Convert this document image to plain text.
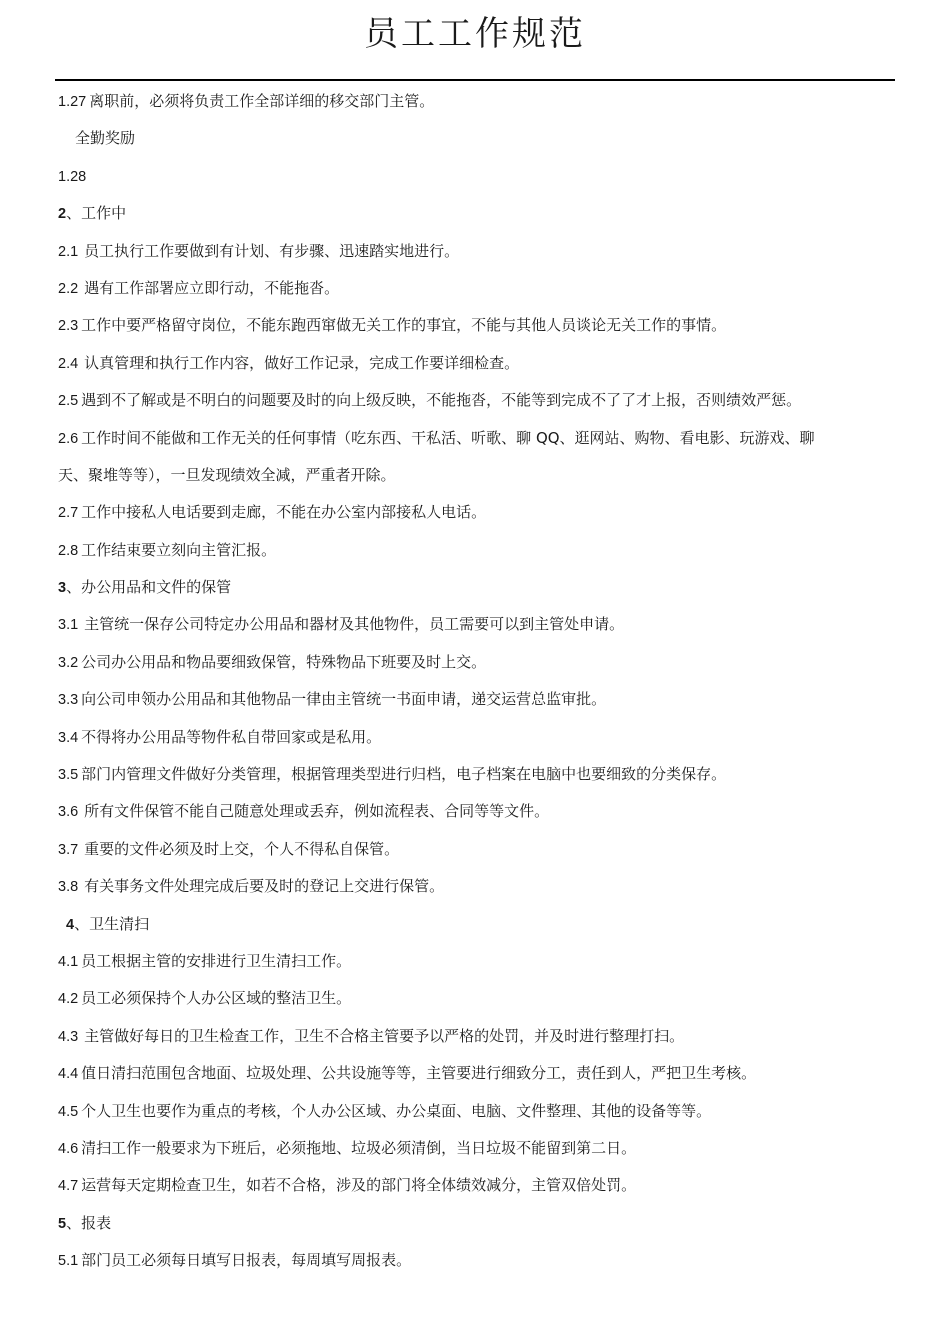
员工工作规范
1.27 离职前，必须将负责工作全部详细的移交部门主管。
全勤奖励
1.28
2、工作中
2.1 员工执行工作要做到有计划、有步骤、迅速踏实地进行。
2.2 遇有工作部署应立即行动，不能拖沓。
2.3 工作中要严格留守岗位，不能东跑西窜做无关工作的事宜，不能与其他人员谈论无关工作的事情。
2.4 认真管理和执行工作内容，做好工作记录，完成工作要详细检查。
2.5 遇到不了解或是不明白的问题要及时的向上级反映，不能拖沓，不能等到完成不了了才上报，否则绩效严惩。
2.6 工作时间不能做和工作无关的任何事情（吃东西、干私活、听歌、聊 QQ、逛网站、购物、看电影、玩游戏、聊
天、聚堆等等），一旦发现绩效全减，严重者开除。
2.7 工作中接私人电话要到走廊，不能在办公室内部接私人电话。
2.8 工作结束要立刻向主管汇报。
3、办公用品和文件的保管
3.1 主管统一保存公司特定办公用品和器材及其他物件，员工需要可以到主管处申请。
3.2 公司办公用品和物品要细致保管，特殊物品下班要及时上交。
3.3 向公司申领办公用品和其他物品一律由主管统一书面申请，递交运营总监审批。
3.4 不得将办公用品等物件私自带回家或是私用。
3.5 部门内管理文件做好分类管理，根据管理类型进行归档，电子档案在电脑中也要细致的分类保存。
3.6 所有文件保管不能自己随意处理或丢弃，例如流程表、合同等等文件。
3.7 重要的文件必须及时上交，个人不得私自保管。
3.8 有关事务文件处理完成后要及时的登记上交进行保管。
4、卫生清扫
4.1 员工根据主管的安排进行卫生清扫工作。
4.2 员工必须保持个人办公区域的整洁卫生。
4.3 主管做好每日的卫生检查工作，卫生不合格主管要予以严格的处罚，并及时进行整理打扫。
4.4 值日清扫范围包含地面、垃圾处理、公共设施等等，主管要进行细致分工，责任到人，严把卫生考核。
4.5 个人卫生也要作为重点的考核，个人办公区域、办公桌面、电脑、文件整理、其他的设备等等。
4.6 清扫工作一般要求为下班后，必须拖地、垃圾必须清倒，当日垃圾不能留到第二日。
4.7 运营每天定期检查卫生，如若不合格，涉及的部门将全体绩效减分，主管双倍处罚。
5、报表
5.1 部门员工必须每日填写日报表，每周填写周报表。
